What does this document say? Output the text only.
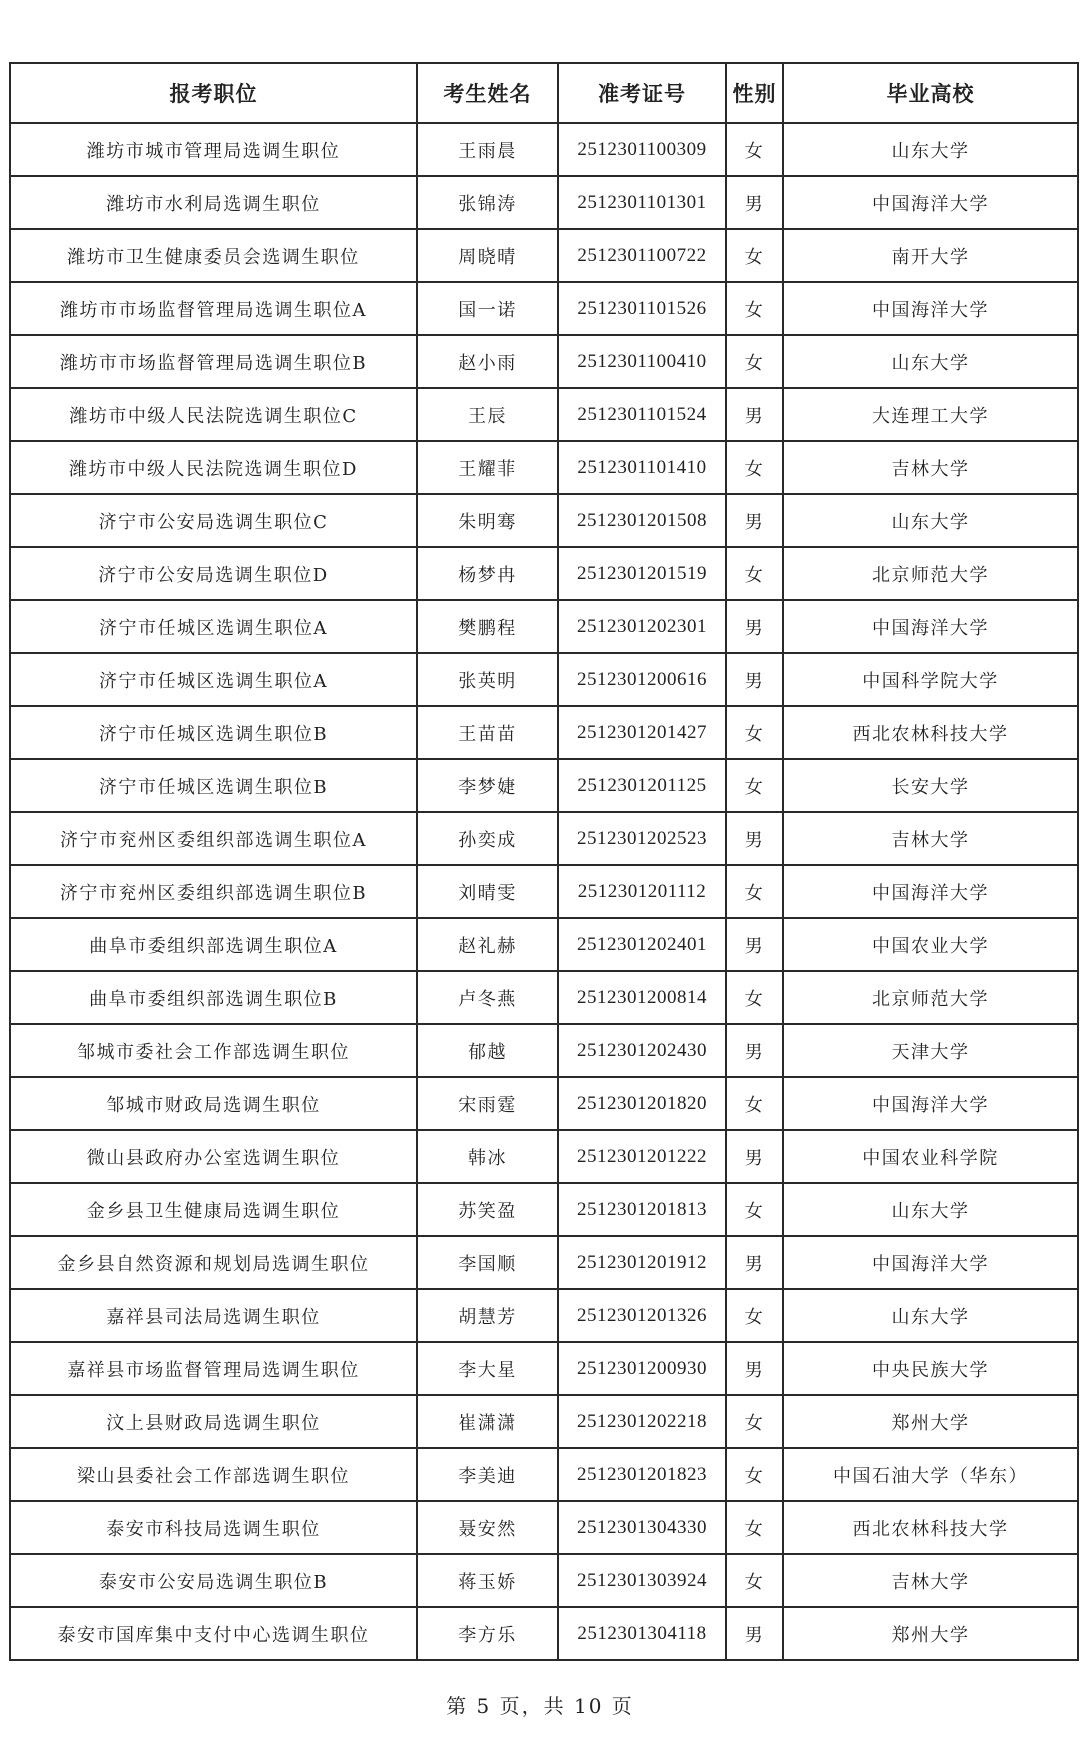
报考职位	考生姓名	准考证号	性别	毕业高校
潍坊市城市管理局选调生职位	王雨晨	2512301100309	女	山东大学
潍坊市水利局选调生职位	张锦涛	2512301101301	男	中国海洋大学
潍坊市卫生健康委员会选调生职位	周晓晴	2512301100722	女	南开大学
潍坊市市场监督管理局选调生职位A	国一诺	2512301101526	女	中国海洋大学
潍坊市市场监督管理局选调生职位B	赵小雨	2512301100410	女	山东大学
潍坊市中级人民法院选调生职位C	王辰	2512301101524	男	大连理工大学
潍坊市中级人民法院选调生职位D	王耀菲	2512301101410	女	吉林大学
济宁市公安局选调生职位C	朱明骞	2512301201508	男	山东大学
济宁市公安局选调生职位D	杨梦冉	2512301201519	女	北京师范大学
济宁市任城区选调生职位A	樊鹏程	2512301202301	男	中国海洋大学
济宁市任城区选调生职位A	张英明	2512301200616	男	中国科学院大学
济宁市任城区选调生职位B	王苗苗	2512301201427	女	西北农林科技大学
济宁市任城区选调生职位B	李梦婕	2512301201125	女	长安大学
济宁市兖州区委组织部选调生职位A	孙奕成	2512301202523	男	吉林大学
济宁市兖州区委组织部选调生职位B	刘晴雯	2512301201112	女	中国海洋大学
曲阜市委组织部选调生职位A	赵礼赫	2512301202401	男	中国农业大学
曲阜市委组织部选调生职位B	卢冬燕	2512301200814	女	北京师范大学
邹城市委社会工作部选调生职位	郁越	2512301202430	男	天津大学
邹城市财政局选调生职位	宋雨霆	2512301201820	女	中国海洋大学
微山县政府办公室选调生职位	韩冰	2512301201222	男	中国农业科学院
金乡县卫生健康局选调生职位	苏笑盈	2512301201813	女	山东大学
金乡县自然资源和规划局选调生职位	李国顺	2512301201912	男	中国海洋大学
嘉祥县司法局选调生职位	胡慧芳	2512301201326	女	山东大学
嘉祥县市场监督管理局选调生职位	李大星	2512301200930	男	中央民族大学
汶上县财政局选调生职位	崔潇潇	2512301202218	女	郑州大学
梁山县委社会工作部选调生职位	李美迪	2512301201823	女	中国石油大学（华东）
泰安市科技局选调生职位	聂安然	2512301304330	女	西北农林科技大学
泰安市公安局选调生职位B	蒋玉娇	2512301303924	女	吉林大学
泰安市国库集中支付中心选调生职位	李方乐	2512301304118	男	郑州大学
第 5 页，共 10 页
